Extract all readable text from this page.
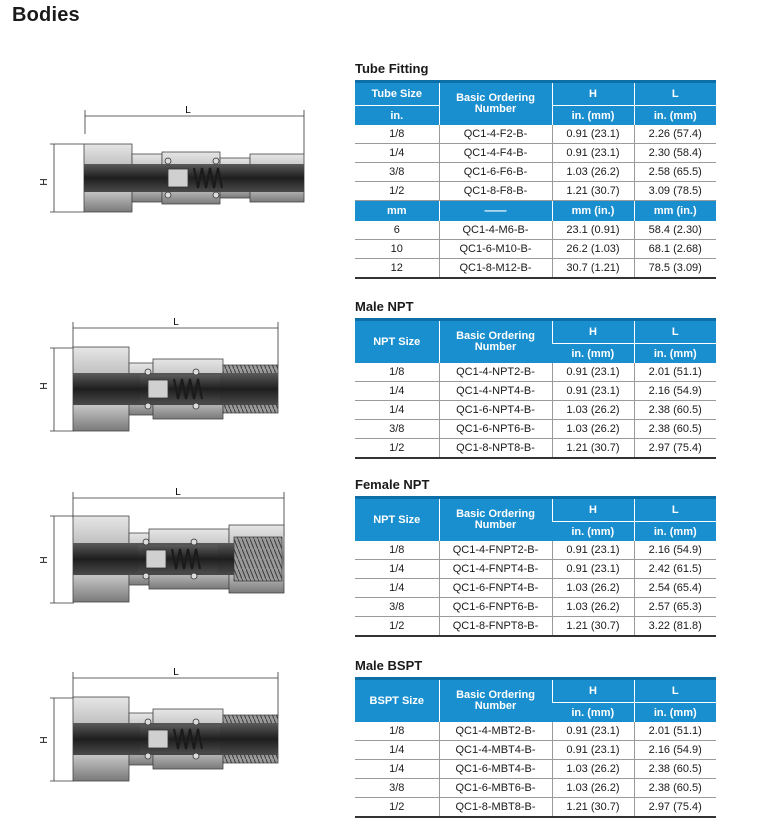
Bodies
Tube Fitting
Tube Size	Basic Ordering Number	H	L
in.		in. (mm)	in. (mm)
1/8	QC1-4-F2-B-	0.91 (23.1)	2.26 (57.4)
1/4	QC1-4-F4-B-	0.91 (23.1)	2.30 (58.4)
3/8	QC1-6-F6-B-	1.03 (26.2)	2.58 (65.5)
1/2	QC1-8-F8-B-	1.21 (30.7)	3.09 (78.5)
mm	——	mm (in.)	mm (in.)
6	QC1-4-M6-B-	23.1 (0.91)	58.4 (2.30)
10	QC1-6-M10-B-	26.2 (1.03)	68.1 (2.68)
12	QC1-8-M12-B-	30.7 (1.21)	78.5 (3.09)
Male NPT
NPT Size	Basic Ordering Number	H	L
		in. (mm)	in. (mm)
1/8	QC1-4-NPT2-B-	0.91 (23.1)	2.01 (51.1)
1/4	QC1-4-NPT4-B-	0.91 (23.1)	2.16 (54.9)
1/4	QC1-6-NPT4-B-	1.03 (26.2)	2.38 (60.5)
3/8	QC1-6-NPT6-B-	1.03 (26.2)	2.38 (60.5)
1/2	QC1-8-NPT8-B-	1.21 (30.7)	2.97 (75.4)
Female NPT
NPT Size	Basic Ordering Number	H	L
		in. (mm)	in. (mm)
1/8	QC1-4-FNPT2-B-	0.91 (23.1)	2.16 (54.9)
1/4	QC1-4-FNPT4-B-	0.91 (23.1)	2.42 (61.5)
1/4	QC1-6-FNPT4-B-	1.03 (26.2)	2.54 (65.4)
3/8	QC1-6-FNPT6-B-	1.03 (26.2)	2.57 (65.3)
1/2	QC1-8-FNPT8-B-	1.21 (30.7)	3.22 (81.8)
Male BSPT
BSPT Size	Basic Ordering Number	H	L
		in. (mm)	in. (mm)
1/8	QC1-4-MBT2-B-	0.91 (23.1)	2.01 (51.1)
1/4	QC1-4-MBT4-B-	0.91 (23.1)	2.16 (54.9)
1/4	QC1-6-MBT4-B-	1.03 (26.2)	2.38 (60.5)
3/8	QC1-6-MBT6-B-	1.03 (26.2)	2.38 (60.5)
1/2	QC1-8-MBT8-B-	1.21 (30.7)	2.97 (75.4)
L
H
L
H
L
H
L
H
